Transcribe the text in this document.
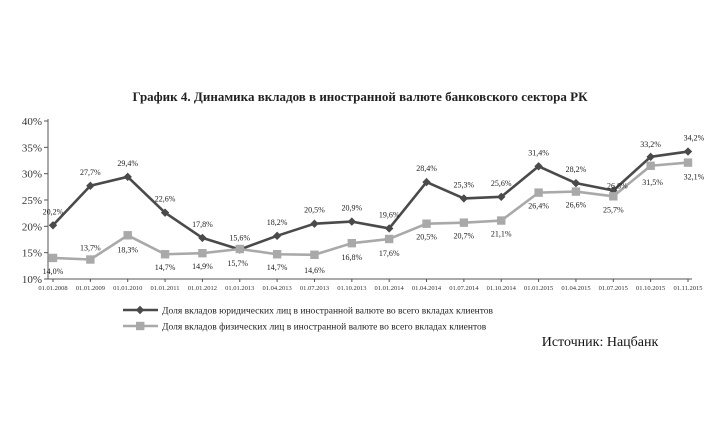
График 4. Динамика вкладов в иностранной валюте банковского сектора РК
10%
15%
20%
25%
30%
35%
40%
01.01.2008 01.01.2009 01.01.2010 01.01.2011 01.01.2012 01.01.2013 01.04.2013 01.07.2013 01.10.2013 01.01.2014 01.04.2014 01.07.2014 01.10.2014 01.01.2015 01.04.2015 01.07.2015 01.10.2015 01.11.2015
20,2%
27,7%
29,4%
22,6%
17,8%
15,6%
18,2%
20,5% 20,9%
19,6%
28,4%
25,3% 25,6%
31,4%
28,2%
26,8%
33,2%
34,2%
14,0%
13,7% 18,3%
14,7% 14,9% 15,7% 14,7% 14,6%
16,8% 17,6%
20,5% 20,7% 21,1%
26,4% 26,6%
25,7%
31,5%
32,1%
Доля вкладов юридических лиц в иностранной валюте во всего вкладах клиентов
Доля вкладов физических лиц в иностранной валюте во всего вкладах клиентов
Источник: Нацбанк
